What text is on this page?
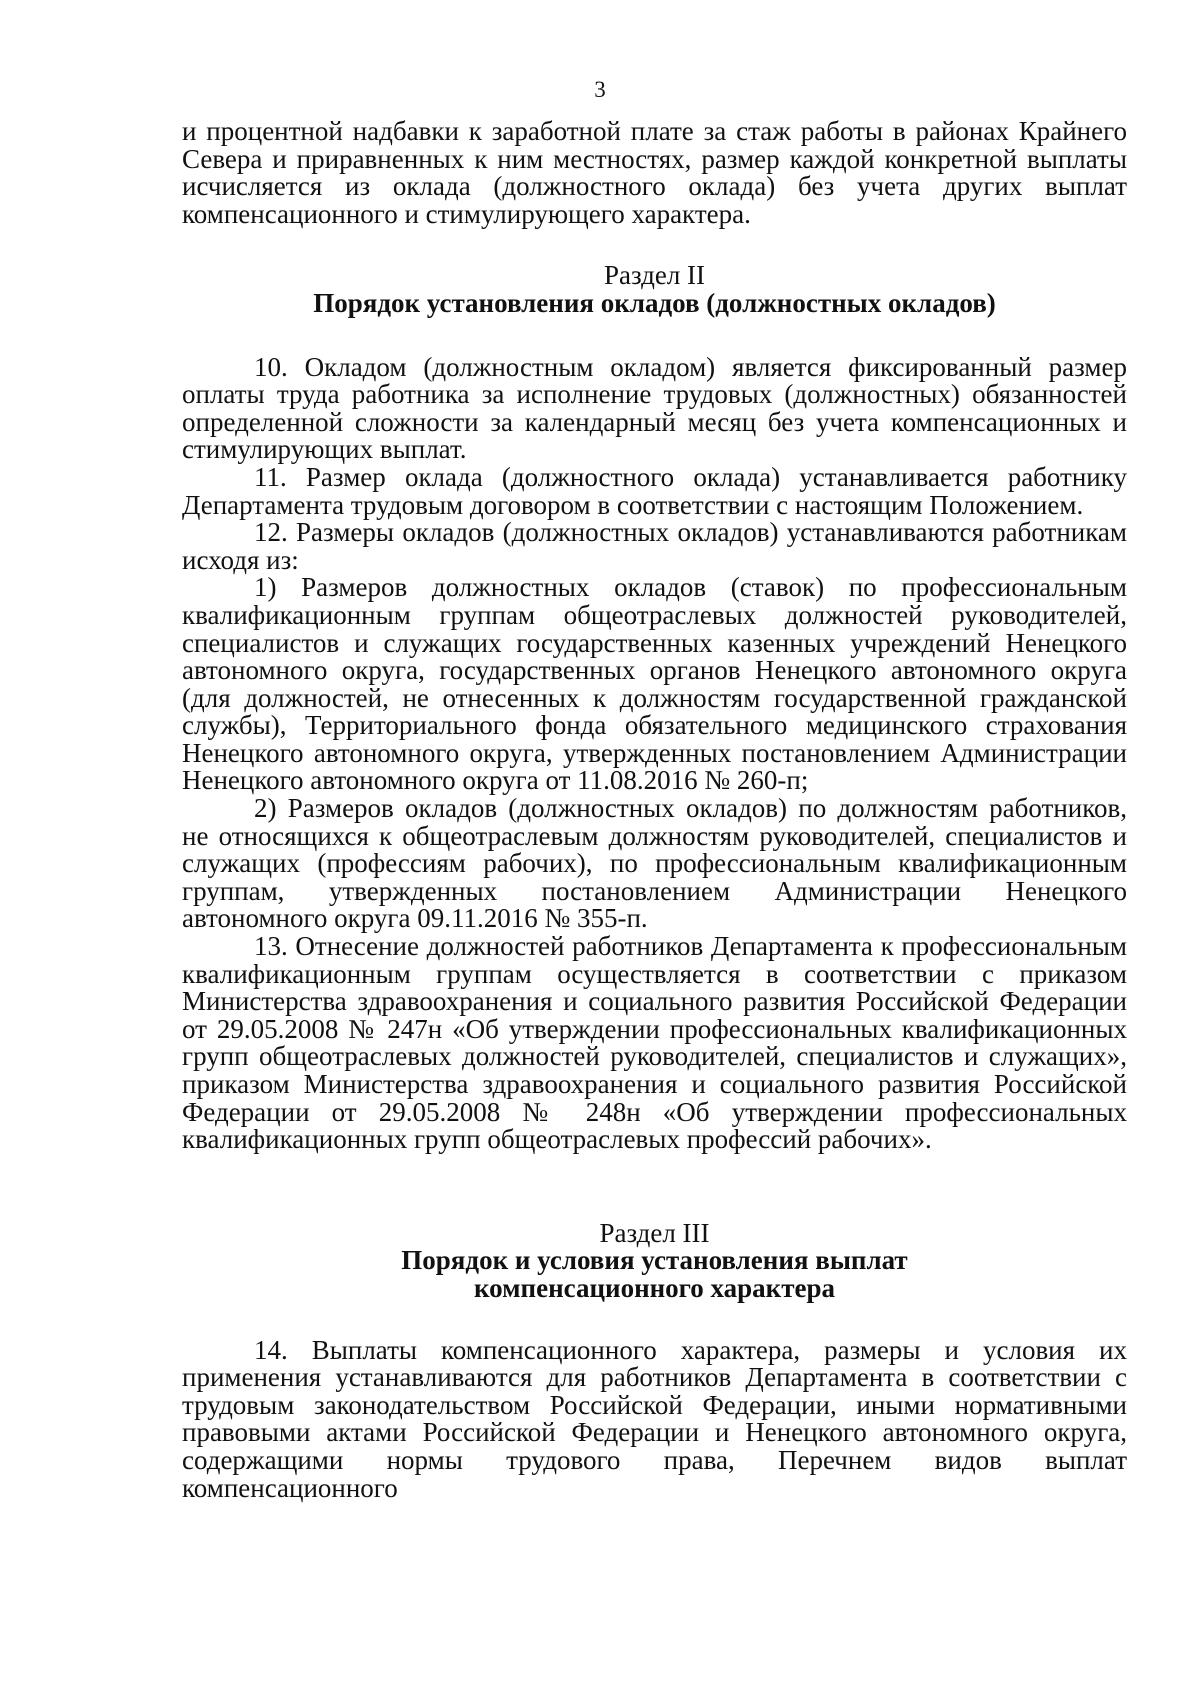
3

и процентной надбавки к заработной плате за стаж работы в районах Крайнего Севера и приравненных к ним местностях, размер каждой конкретной выплаты исчисляется из оклада (должностного оклада) без учета других выплат компенсационного и стимулирующего характера.

Раздел II
Порядок установления окладов (должностных окладов)

10. Окладом (должностным окладом) является фиксированный размер оплаты труда работника за исполнение трудовых (должностных) обязанностей определенной сложности за календарный месяц без учета компенсационных и стимулирующих выплат.

11. Размер оклада (должностного оклада) устанавливается работнику Департамента трудовым договором в соответствии с настоящим Положением.

12. Размеры окладов (должностных окладов) устанавливаются работникам исходя из:

1) Размеров должностных окладов (ставок) по профессиональным квалификационным группам общеотраслевых должностей руководителей, специалистов и служащих государственных казенных учреждений Ненецкого автономного округа, государственных органов Ненецкого автономного округа (для должностей, не отнесенных к должностям государственной гражданской службы), Территориального фонда обязательного медицинского страхования Ненецкого автономного округа, утвержденных постановлением Администрации Ненецкого автономного округа от 11.08.2016 № 260-п;

2) Размеров окладов (должностных окладов) по должностям работников, не относящихся к общеотраслевым должностям руководителей, специалистов и служащих (профессиям рабочих), по профессиональным квалификационным группам, утвержденных постановлением Администрации Ненецкого автономного округа 09.11.2016 № 355-п.

13. Отнесение должностей работников Департамента к профессиональным квалификационным группам осуществляется в соответствии с приказом Министерства здравоохранения и социального развития Российской Федерации от 29.05.2008 № 247н «Об утверждении профессиональных квалификационных групп общеотраслевых должностей руководителей, специалистов и служащих», приказом Министерства здравоохранения и социального развития Российской Федерации от 29.05.2008 № 248н «Об утверждении профессиональных квалификационных групп общеотраслевых профессий рабочих».

Раздел III
Порядок и условия установления выплат
компенсационного характера

14. Выплаты компенсационного характера, размеры и условия их применения устанавливаются для работников Департамента в соответствии с трудовым законодательством Российской Федерации, иными нормативными правовыми актами Российской Федерации и Ненецкого автономного округа, содержащими нормы трудового права, Перечнем видов выплат компенсационного
